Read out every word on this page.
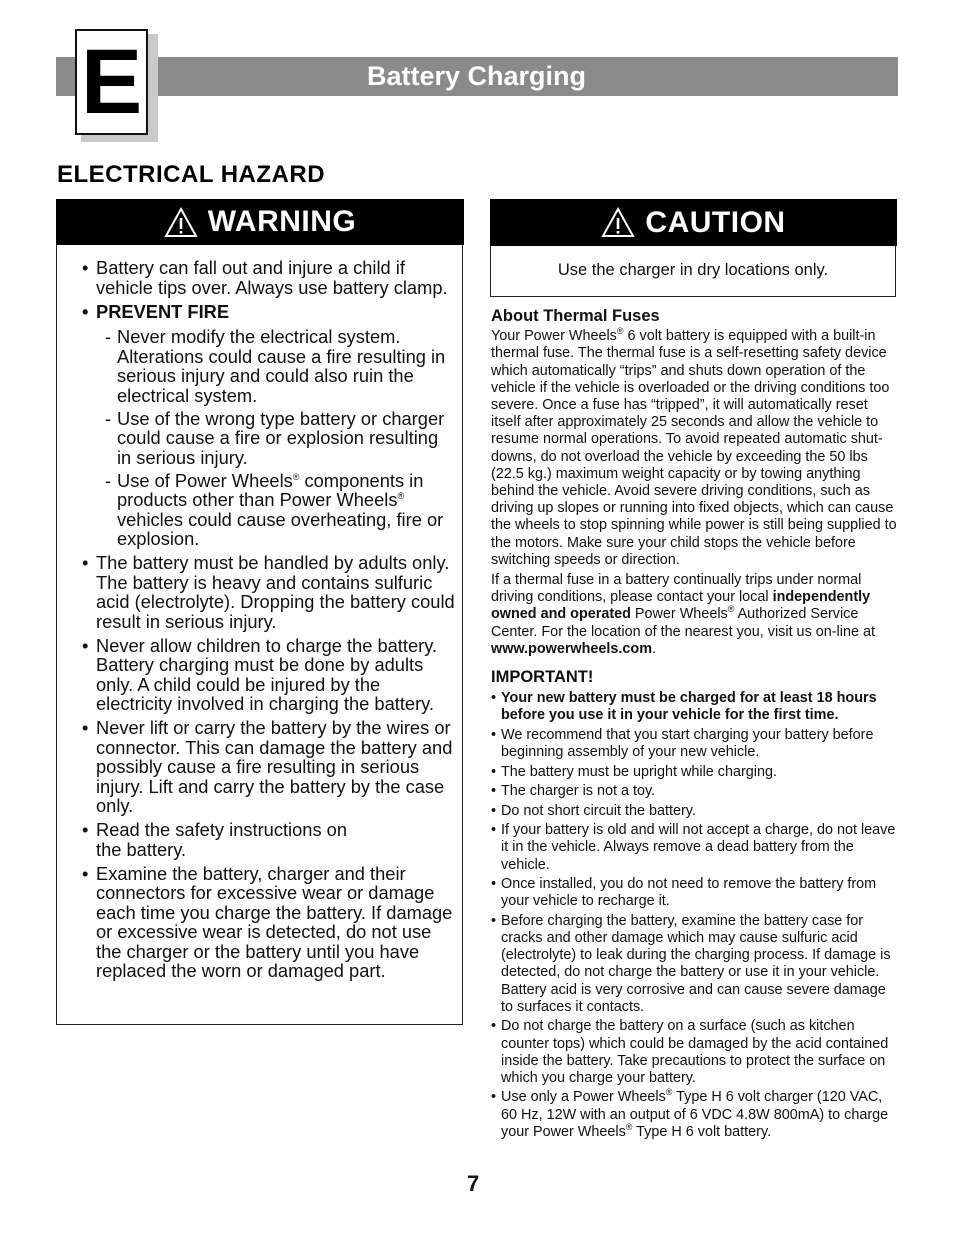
E	Battery Charging
ELECTRICAL HAZARD
WARNING
• Battery can fall out and injure a child if vehicle tips over. Always use battery clamp.
• PREVENT FIRE
- Never modify the electrical system. Alterations could cause a fire resulting in serious injury and could also ruin the electrical system.
- Use of the wrong type battery or charger could cause a fire or explosion resulting in serious injury.
- Use of Power Wheels® components in products other than Power Wheels® vehicles could cause overheating, fire or explosion.
• The battery must be handled by adults only. The battery is heavy and contains sulfuric acid (electrolyte). Dropping the battery could result in serious injury.
• Never allow children to charge the battery. Battery charging must be done by adults only. A child could be injured by the electricity involved in charging the battery.
• Never lift or carry the battery by the wires or connector. This can damage the battery and possibly cause a fire resulting in serious injury. Lift and carry the battery by the case only.
• Read the safety instructions on the battery.
• Examine the battery, charger and their connectors for excessive wear or damage each time you charge the battery. If damage or excessive wear is detected, do not use the charger or the battery until you have replaced the worn or damaged part.
CAUTION
Use the charger in dry locations only.
About Thermal Fuses

Your Power Wheels® 6 volt battery is equipped with a built-in thermal fuse. The thermal fuse is a self-resetting safety device which automatically “trips” and shuts down operation of the vehicle if the vehicle is overloaded or the driving conditions too severe. Once a fuse has “tripped”, it will automatically reset itself after approximately 25 seconds and allow the vehicle to resume normal operations. To avoid repeated automatic shut-downs, do not overload the vehicle by exceeding the 50 lbs (22.5 kg.) maximum weight capacity or by towing anything behind the vehicle. Avoid severe driving conditions, such as driving up slopes or running into fixed objects, which can cause the wheels to stop spinning while power is still being supplied to the motors. Make sure your child stops the vehicle before switching speeds or direction.

If a thermal fuse in a battery continually trips under normal driving conditions, please contact your local independently owned and operated Power Wheels® Authorized Service Center. For the location of the nearest you, visit us on-line at www.powerwheels.com.

IMPORTANT!
• Your new battery must be charged for at least 18 hours before you use it in your vehicle for the first time.
• We recommend that you start charging your battery before beginning assembly of your new vehicle.
• The battery must be upright while charging.
• The charger is not a toy.
• Do not short circuit the battery.
• If your battery is old and will not accept a charge, do not leave it in the vehicle. Always remove a dead battery from the vehicle.
• Once installed, you do not need to remove the battery from your vehicle to recharge it.
• Before charging the battery, examine the battery case for cracks and other damage which may cause sulfuric acid (electrolyte) to leak during the charging process. If damage is detected, do not charge the battery or use it in your vehicle. Battery acid is very corrosive and can cause severe damage to surfaces it contacts.
• Do not charge the battery on a surface (such as kitchen counter tops) which could be damaged by the acid contained inside the battery. Take precautions to protect the surface on which you charge your battery.
• Use only a Power Wheels® Type H 6 volt charger (120 VAC, 60 Hz, 12W with an output of 6 VDC 4.8W 800mA) to charge your Power Wheels® Type H 6 volt battery.
7
